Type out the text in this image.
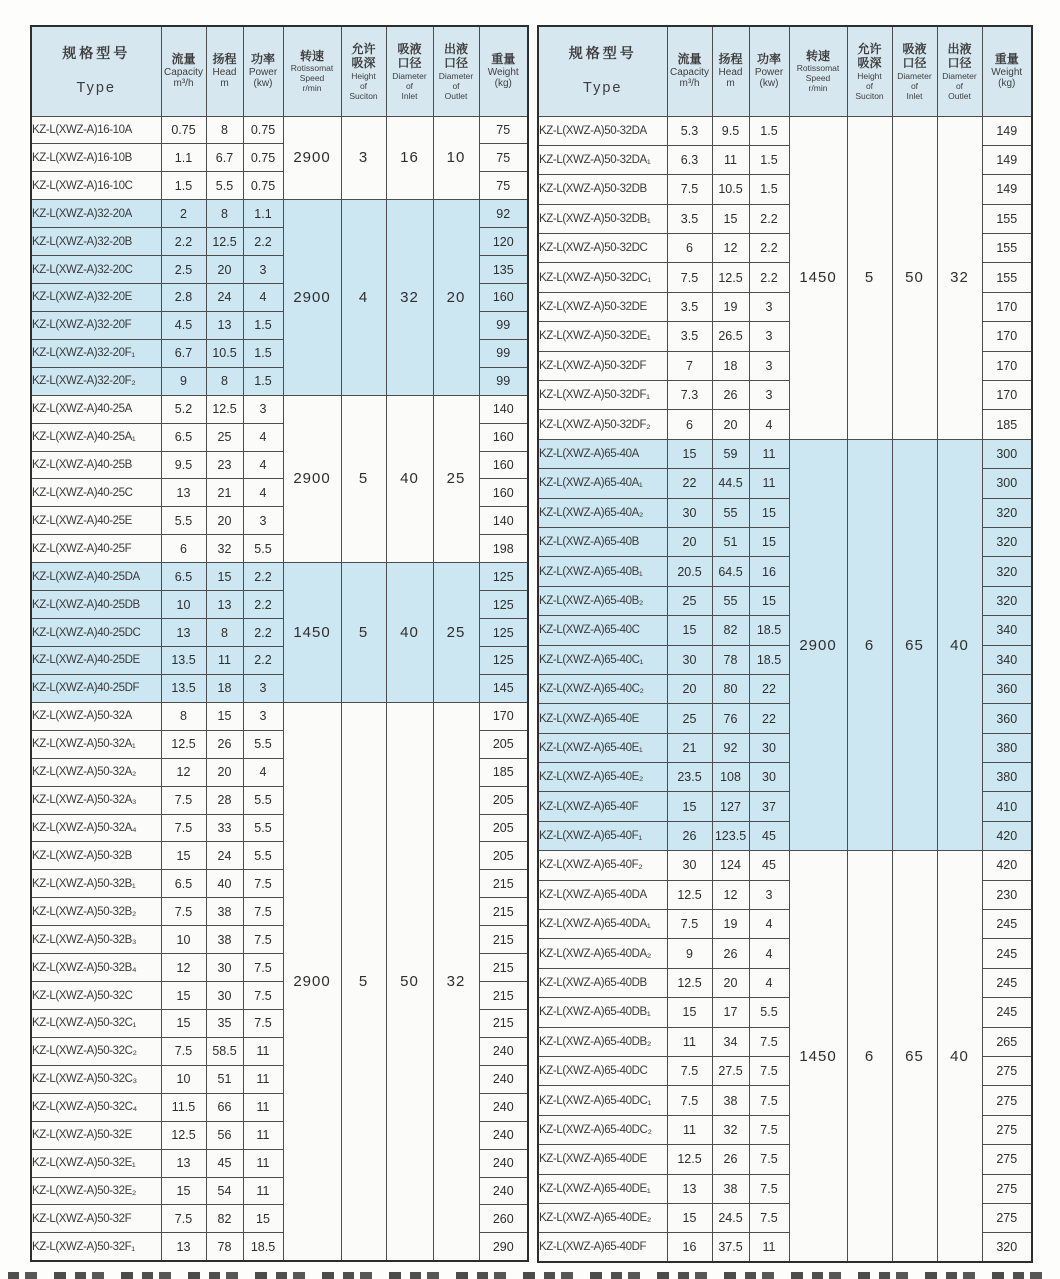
规格型号
Type

流量
Capacity
m³/h

扬程
Head
m

功率
Power
(kw)

转速
Rotissomat
Speed
r/min

允许
吸深
Height
of
Suciton

吸液
口径
Diameter
of
Inlet

出液
口径
Diameter
of
Outlet

重量
Weight
(kg)

KZ-L(XWZ-A)16-10A	0.75	8	0.75	2900	3	16	10	75
KZ-L(XWZ-A)16-10B	1.1	6.7	0.75					75
KZ-L(XWZ-A)16-10C	1.5	5.5	0.75					75
KZ-L(XWZ-A)32-20A	2	8	1.1	2900	4	32	20	92
KZ-L(XWZ-A)32-20B	2.2	12.5	2.2					120
KZ-L(XWZ-A)32-20C	2.5	20	3					135
KZ-L(XWZ-A)32-20E	2.8	24	4					160
KZ-L(XWZ-A)32-20F	4.5	13	1.5					99
KZ-L(XWZ-A)32-20F₁	6.7	10.5	1.5					99
KZ-L(XWZ-A)32-20F₂	9	8	1.5					99
KZ-L(XWZ-A)40-25A	5.2	12.5	3	2900	5	40	25	140
KZ-L(XWZ-A)40-25A₁	6.5	25	4					160
KZ-L(XWZ-A)40-25B	9.5	23	4					160
KZ-L(XWZ-A)40-25C	13	21	4					160
KZ-L(XWZ-A)40-25E	5.5	20	3					140
KZ-L(XWZ-A)40-25F	6	32	5.5					198
KZ-L(XWZ-A)40-25DA	6.5	15	2.2	1450	5	40	25	125
KZ-L(XWZ-A)40-25DB	10	13	2.2					125
KZ-L(XWZ-A)40-25DC	13	8	2.2					125
KZ-L(XWZ-A)40-25DE	13.5	11	2.2					125
KZ-L(XWZ-A)40-25DF	13.5	18	3					145
KZ-L(XWZ-A)50-32A	8	15	3	2900	5	50	32	170
KZ-L(XWZ-A)50-32A₁	12.5	26	5.5					205
KZ-L(XWZ-A)50-32A₂	12	20	4					185
KZ-L(XWZ-A)50-32A₃	7.5	28	5.5					205
KZ-L(XWZ-A)50-32A₄	7.5	33	5.5					205
KZ-L(XWZ-A)50-32B	15	24	5.5					205
KZ-L(XWZ-A)50-32B₁	6.5	40	7.5					215
KZ-L(XWZ-A)50-32B₂	7.5	38	7.5					215
KZ-L(XWZ-A)50-32B₃	10	38	7.5					215
KZ-L(XWZ-A)50-32B₄	12	30	7.5					215
KZ-L(XWZ-A)50-32C	15	30	7.5					215
KZ-L(XWZ-A)50-32C₁	15	35	7.5					215
KZ-L(XWZ-A)50-32C₂	7.5	58.5	11					240
KZ-L(XWZ-A)50-32C₃	10	51	11					240
KZ-L(XWZ-A)50-32C₄	11.5	66	11					240
KZ-L(XWZ-A)50-32E	12.5	56	11					240
KZ-L(XWZ-A)50-32E₁	13	45	11					240
KZ-L(XWZ-A)50-32E₂	15	54	11					240
KZ-L(XWZ-A)50-32F	7.5	82	15					260
KZ-L(XWZ-A)50-32F₁	13	78	18.5					290
规格型号
Type

流量
Capacity
m³/h

扬程
Head
m

功率
Power
(kw)

转速
Rotissomat
Speed
r/min

允许
吸深
Height
of
Suciton

吸液
口径
Diameter
of
Inlet

出液
口径
Diameter
of
Outlet

重量
Weight
(kg)

KZ-L(XWZ-A)50-32DA	5.3	9.5	1.5	1450	5	50	32	149
KZ-L(XWZ-A)50-32DA₁	6.3	11	1.5					149
KZ-L(XWZ-A)50-32DB	7.5	10.5	1.5					149
KZ-L(XWZ-A)50-32DB₁	3.5	15	2.2					155
KZ-L(XWZ-A)50-32DC	6	12	2.2					155
KZ-L(XWZ-A)50-32DC₁	7.5	12.5	2.2					155
KZ-L(XWZ-A)50-32DE	3.5	19	3					170
KZ-L(XWZ-A)50-32DE₁	3.5	26.5	3					170
KZ-L(XWZ-A)50-32DF	7	18	3					170
KZ-L(XWZ-A)50-32DF₁	7.3	26	3					170
KZ-L(XWZ-A)50-32DF₂	6	20	4					185
KZ-L(XWZ-A)65-40A	15	59	11	2900	6	65	40	300
KZ-L(XWZ-A)65-40A₁	22	44.5	11					300
KZ-L(XWZ-A)65-40A₂	30	55	15					320
KZ-L(XWZ-A)65-40B	20	51	15					320
KZ-L(XWZ-A)65-40B₁	20.5	64.5	16					320
KZ-L(XWZ-A)65-40B₂	25	55	15					320
KZ-L(XWZ-A)65-40C	15	82	18.5					340
KZ-L(XWZ-A)65-40C₁	30	78	18.5					340
KZ-L(XWZ-A)65-40C₂	20	80	22					360
KZ-L(XWZ-A)65-40E	25	76	22					360
KZ-L(XWZ-A)65-40E₁	21	92	30					380
KZ-L(XWZ-A)65-40E₂	23.5	108	30					380
KZ-L(XWZ-A)65-40F	15	127	37					410
KZ-L(XWZ-A)65-40F₁	26	123.5	45					420
KZ-L(XWZ-A)65-40F₂	30	124	45	1450	6	65	40	420
KZ-L(XWZ-A)65-40DA	12.5	12	3					230
KZ-L(XWZ-A)65-40DA₁	7.5	19	4					245
KZ-L(XWZ-A)65-40DA₂	9	26	4					245
KZ-L(XWZ-A)65-40DB	12.5	20	4					245
KZ-L(XWZ-A)65-40DB₁	15	17	5.5					245
KZ-L(XWZ-A)65-40DB₂	11	34	7.5					265
KZ-L(XWZ-A)65-40DC	7.5	27.5	7.5					275
KZ-L(XWZ-A)65-40DC₁	7.5	38	7.5					275
KZ-L(XWZ-A)65-40DC₂	11	32	7.5					275
KZ-L(XWZ-A)65-40DE	12.5	26	7.5					275
KZ-L(XWZ-A)65-40DE₁	13	38	7.5					275
KZ-L(XWZ-A)65-40DE₂	15	24.5	7.5					275
KZ-L(XWZ-A)65-40DF	16	37.5	11					320
